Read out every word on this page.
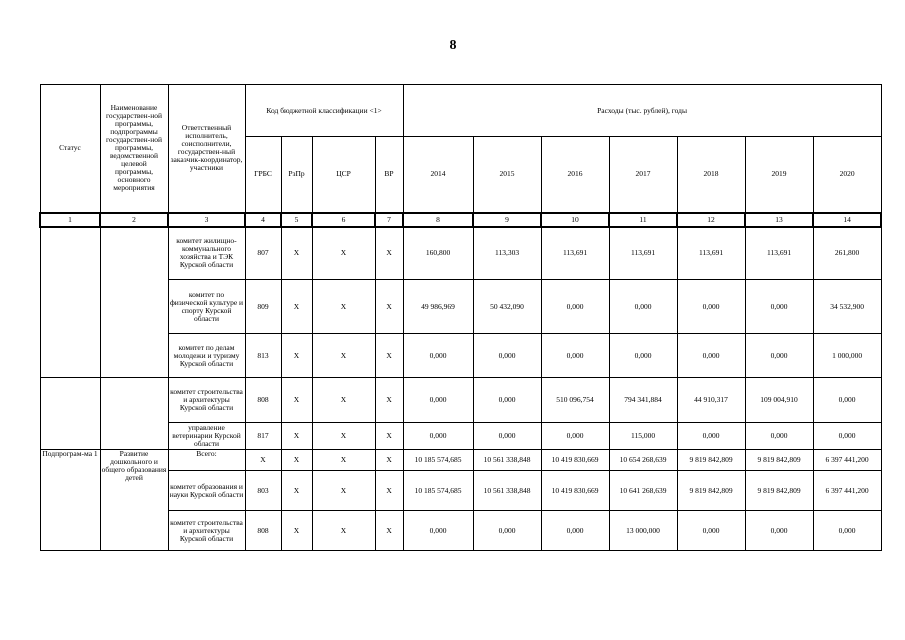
8
Статус	Наименование государствен-ной программы, подпрограммы государствен-ной программы, ведомственной целевой программы, основного мероприятия	Ответственный исполнитель, соисполнители, государствен-ный заказчик-координатор, участники	Код бюджетной классификации <1>				Расходы (тыс. рублей), годы						
			ГРБС	РзПр	ЦСР	ВР	2014	2015	2016	2017	2018	2019	2020
1	2	3	4	5	6	7	8	9	10	11	12	13	14
		комитет жилищно-коммунального хозяйства и ТЭК Курской области	807	X	X	X	160,800	113,303	113,691	113,691	113,691	113,691	261,800
		комитет по физической культуре и спорту Курской области	809	X	X	X	49 986,969	50 432,090	0,000	0,000	0,000	0,000	34 532,900
		комитет по делам молодежи и туризму Курской области	813	X	X	X	0,000	0,000	0,000	0,000	0,000	0,000	1 000,000
		комитет строительства и архитектуры Курской области	808	X	X	X	0,000	0,000	510 096,754	794 341,884	44 910,317	109 004,910	0,000
		управление ветеринарии Курской области	817	X	X	X	0,000	0,000	0,000	115,000	0,000	0,000	0,000
Подпрограм-ма 1	Развитие дошкольного и общего образования детей	Всего:	X	X	X	X	10 185 574,685	10 561 338,848	10 419 830,669	10 654 268,639	9 819 842,809	9 819 842,809	6 397 441,200
		комитет образования и науки Курской области	803	X	X	X	10 185 574,685	10 561 338,848	10 419 830,669	10 641 268,639	9 819 842,809	9 819 842,809	6 397 441,200
		комитет строительства и архитектуры Курской области	808	X	X	X	0,000	0,000	0,000	13 000,000	0,000	0,000	0,000
